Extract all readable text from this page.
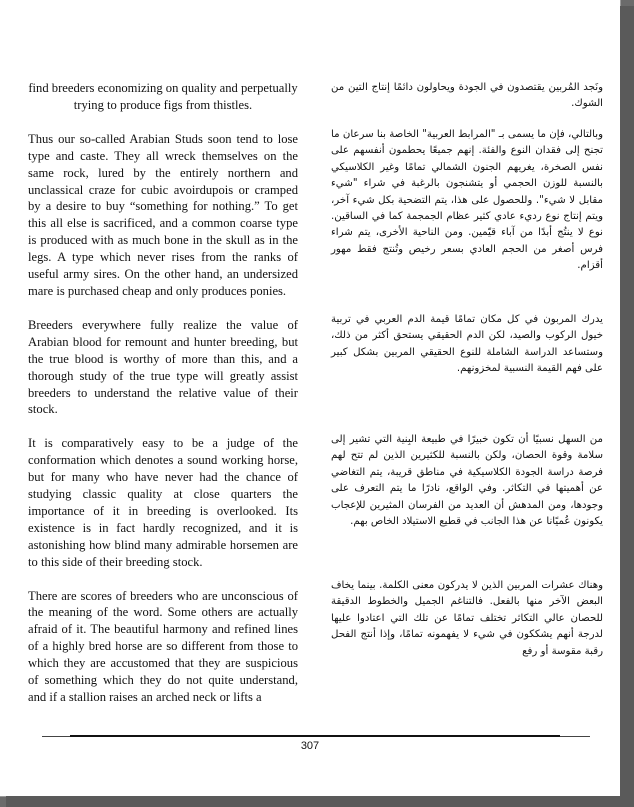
find breeders economizing on quality and perpetually trying to produce figs from thistles.

Thus our so-called Arabian Studs soon tend to lose type and caste. They all wreck themselves on the same rock, lured by the entirely northern and unclassical craze for cubic avoirdupois or cramped by a desire to buy “something for nothing.” To get this all else is sacrificed, and a common coarse type is produced with as much bone in the skull as in the legs. A type which never rises from the ranks of useful army sires. On the other hand, an undersized mare is purchased cheap and only produces ponies.

Breeders everywhere fully realize the value of Arabian blood for remount and hunter breeding, but the true blood is worthy of more than this, and a thorough study of the true type will greatly assist breeders to understand the relative value of their stock.

It is comparatively easy to be a judge of the conformation which denotes a sound working horse, but for many who have never had the chance of studying classic quality at close quarters the importance of it in breeding is overlooked. Its existence is in fact hardly recognized, and it is astonishing how blind many admirable horsemen are to this side of their breeding stock.

There are scores of breeders who are unconscious of the meaning of the word. Some others are actually afraid of it. The beautiful harmony and refined lines of a highly bred horse are so different from those to which they are accustomed that they are suspicious of something which they do not quite understand, and if a stallion raises an arched neck or lifts a

ونَجد المُربين يقتصدون في الجودة ويحاولون دائمًا إنتاج التين من الشوك.

وبالتالي، فإن ما يسمى بـ "المرابط العربية" الخاصة بنا سرعان ما تجنح إلى فقدان النوع والفئة. إنهم جميعًا يحطمون أنفسهم على نفس الصخرة، يغريهم الجنون الشمالي تمامًا وغير الكلاسيكي بالنسبة للوزن الحجمي أو يتشنجون بالرغبة في شراء "شيء مقابل لا شيء". وللحصول على هذا، يتم التضحية بكل شيء آخر، ويتم إنتاج نوع رديء عادي كثير عظام الجمجمة كما في الساقين. نوع لا ينتُج أبدًا من آباء قيّمين. ومن الناحية الأخرى، يتم شراء فرس أصغر من الحجم العادي بسعر رخيص وتُنتج فقط مهور أقزام.

يدرك المربون في كل مكان تمامًا قيمة الدم العربي في تربية خيول الركوب والصيد، لكن الدم الحقيقي يستحق أكثر من ذلك، وستساعد الدراسة الشاملة للنوع الحقيقي المربين بشكل كبير على فهم القيمة النسبية لمخزونهم.

من السهل نسبيًا أن تكون خبيرًا في طبيعة البِنية التي تشير إلى سلامة وقوة الحصان، ولكن بالنسبة للكثيرين الذين لم تتح لهم فرصة دراسة الجودة الكلاسيكية في مناطق قريبة، يتم التغاضي عن أهميتها في التكاثر. وفي الواقع، نادرًا ما يتم التعرف على وجودها، ومن المدهش أن العديد من الفرسان المثيرين للإعجاب يكونون عُميًانا عن هذا الجانب في قطيع الاستيلاد الخاص بهم.

وهناك عشرات المربين الذين لا يدركون معنى الكلمة. بينما يخاف البعض الآخر منها بالفعل. فالتناغم الجميل والخطوط الدقيقة للحصان عالي التكاثر تختلف تمامًا عن تلك التي اعتادوا عليها لدرجة أنهم يشككون في شيء لا يفهمونه تمامًا، وإذا أنتج الفحل رقبة مقوسة أو رفع

307
